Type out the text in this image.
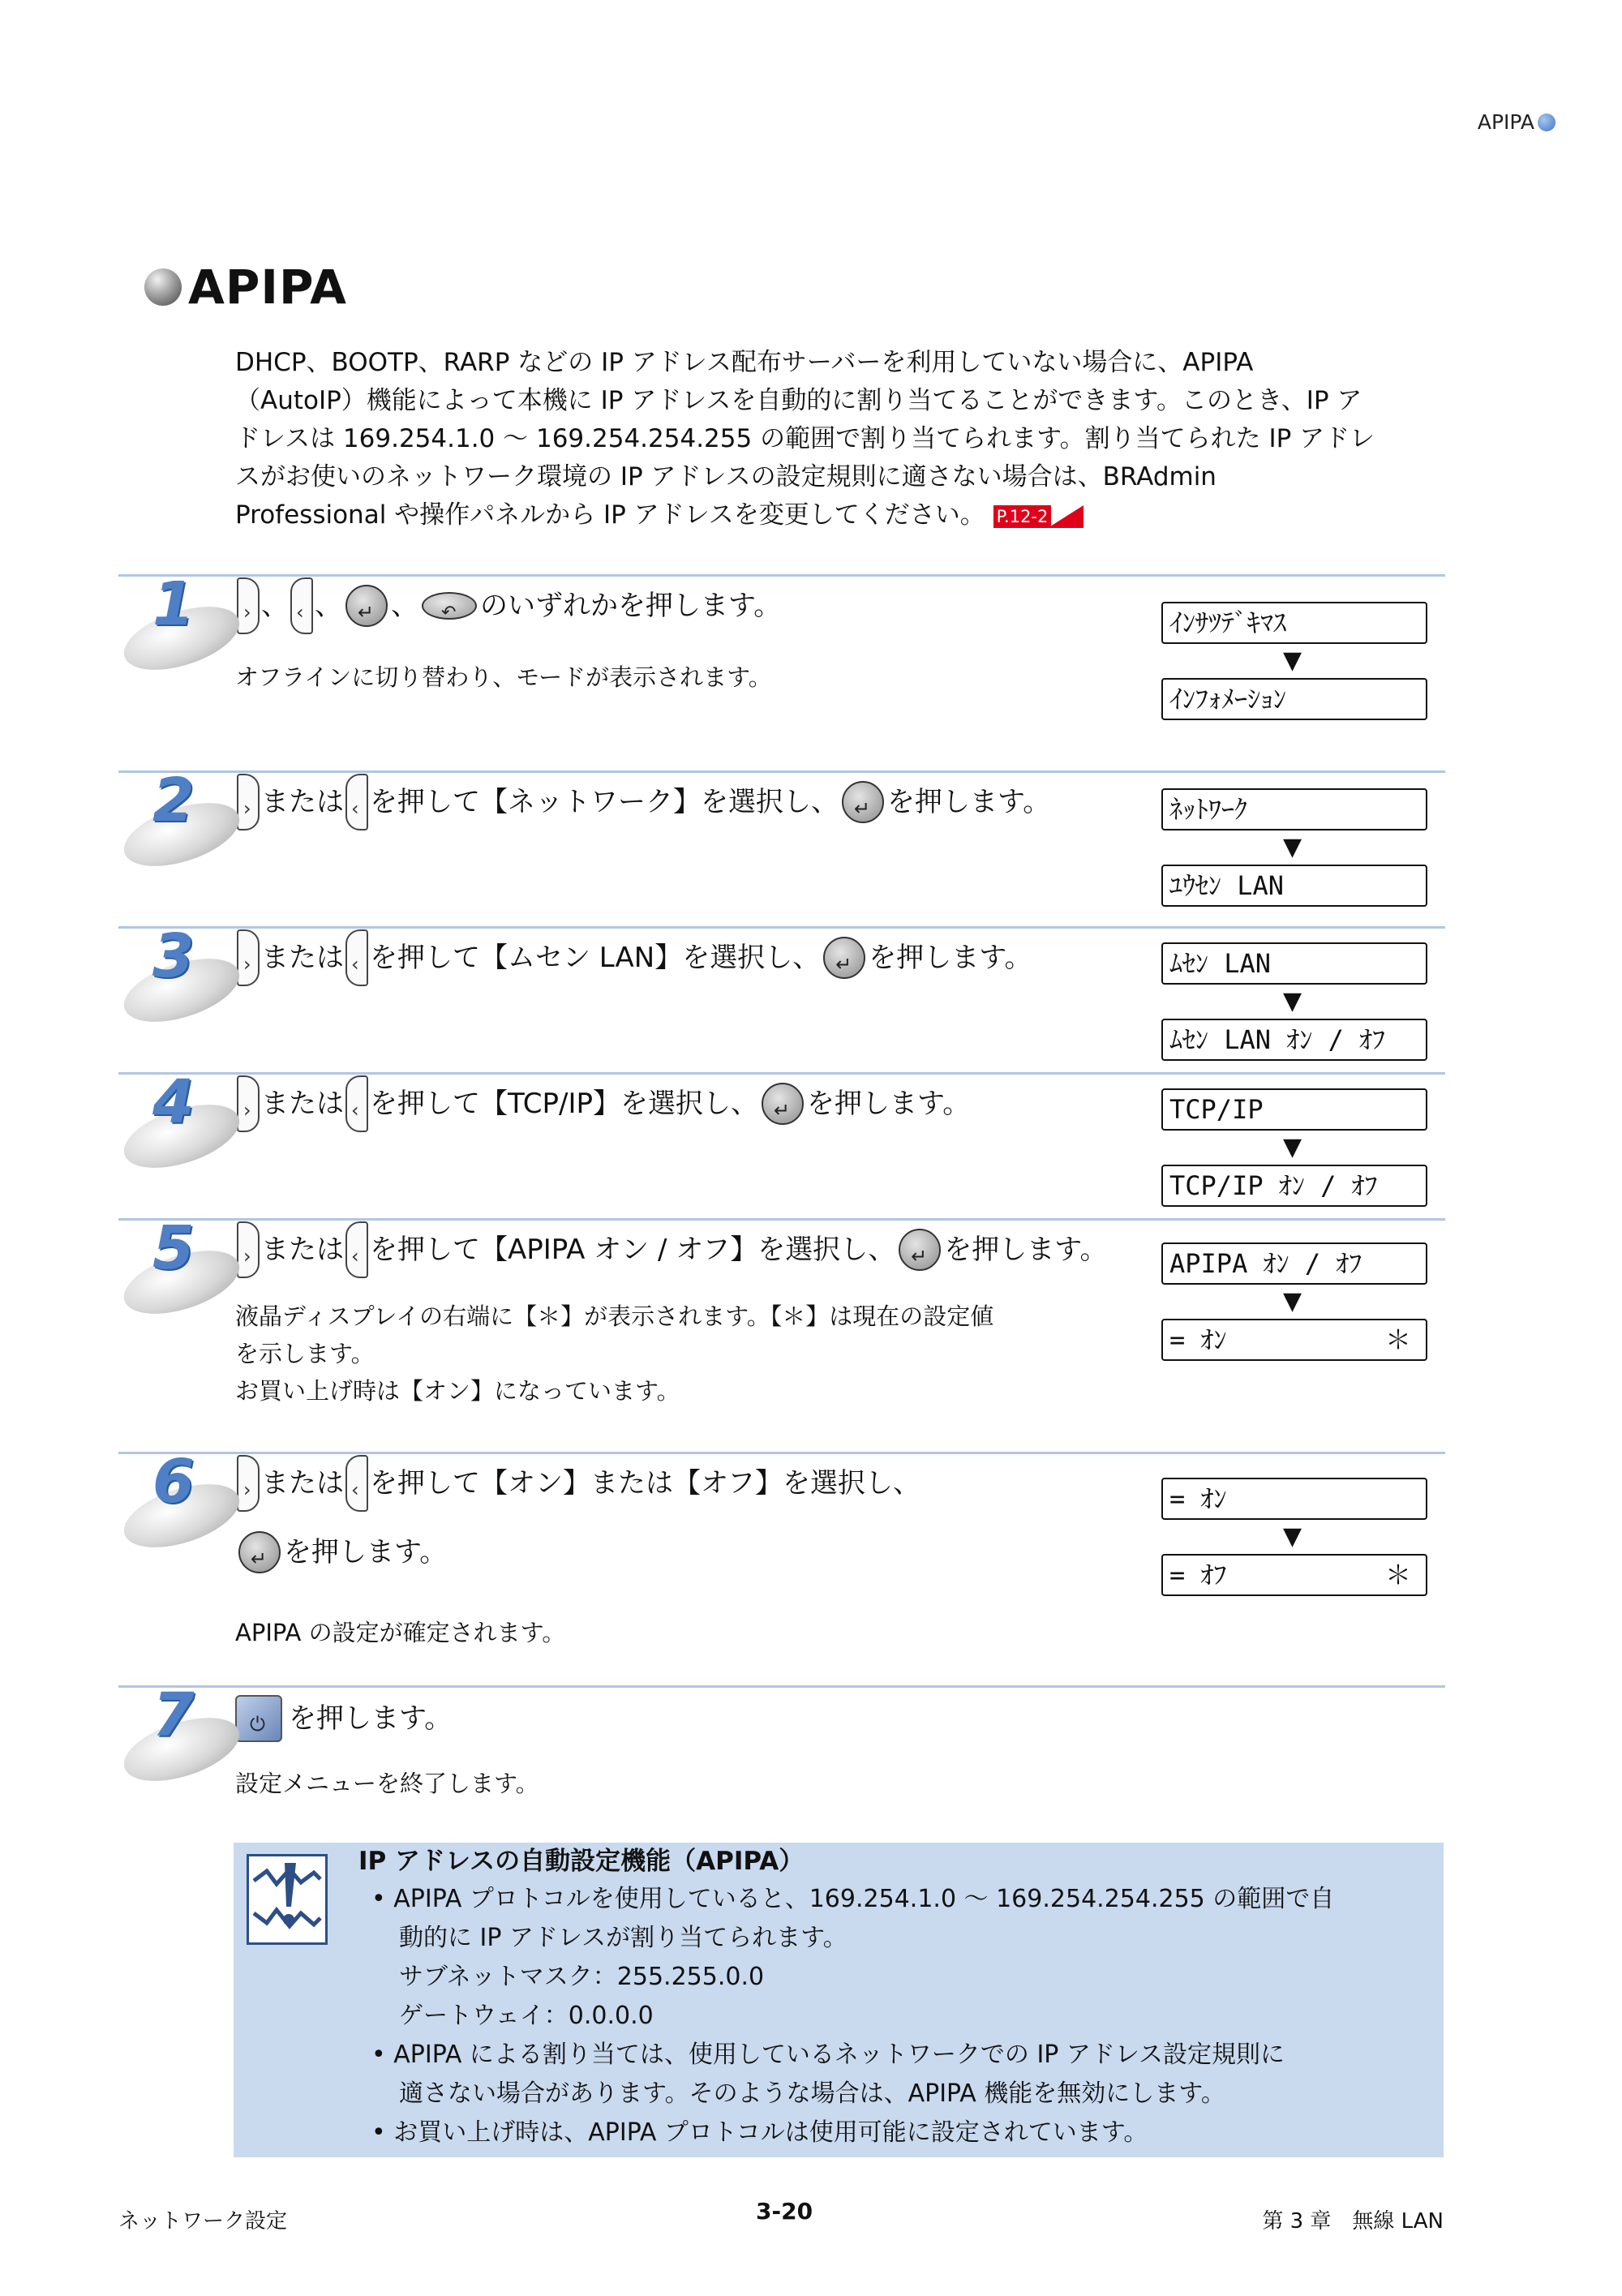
APIPA
APIPA
DHCP、BOOTP、RARP などの IP アドレス配布サーバーを利用していない場合に、APIPA
（AutoIP）機能によって本機に IP アドレスを自動的に割り当てることができます。このとき、IP ア
ドレスは 169.254.1.0 ～ 169.254.254.255 の範囲で割り当てられます。割り当てられた IP アドレ
スがお使いのネットワーク環境の IP アドレスの設定規則に適さない場合は、BRAdmin
Professional や操作パネルから IP アドレスを変更してください。 P.12-2
1 › 、 ‹ 、 ↵ 、 ↶ のいずれかを押します。
オフラインに切り替わり、モードが表示されます。
ｲﾝｻﾂﾃﾞｷﾏｽ
▼
ｲﾝﾌｫﾒｰｼｮﾝ
2 › または ‹ を押して【ネットワーク】を選択し、 ↵ を押します。	ﾈｯﾄﾜｰｸ
▼
ﾕｳｾﾝ LAN
3 › または ‹ を押して【ムセン LAN】を選択し、 ↵ を押します。	ﾑｾﾝ LAN
▼
ﾑｾﾝ LAN ｵﾝ / ｵﾌ
4 › または ‹ を押して【TCP/IP】を選択し、 ↵ を押します。	TCP/IP
▼
TCP/IP ｵﾝ / ｵﾌ
5 › または ‹ を押して【APIPA オン / オフ】を選択し、 ↵ を押します。
液晶ディスプレイの右端に【＊】が表示されます。【＊】は現在の設定値
を示します。
お買い上げ時は【オン】になっています。
APIPA ｵﾝ / ｵﾌ
▼
= ｵﾝ	＊
6 › または ‹ を押して【オン】または【オフ】を選択し、
↵
を押します。
APIPA の設定が確定されます。
= ｵﾝ
▼
= ｵﾌ	＊
7 ⏻	を押します。
設定メニューを終了します。
IP アドレスの自動設定機能（APIPA）
• APIPA プロトコルを使用していると、169.254.1.0 ～ 169.254.254.255 の範囲で自
動的に IP アドレスが割り当てられます。
サブネットマスク：255.255.0.0
ゲートウェイ：0.0.0.0
• APIPA による割り当ては、使用しているネットワークでの IP アドレス設定規則に
適さない場合があります。そのような場合は、APIPA 機能を無効にします。
• お買い上げ時は、APIPA プロトコルは使用可能に設定されています。
ネットワーク設定	3-20	第 3 章　無線 LAN
